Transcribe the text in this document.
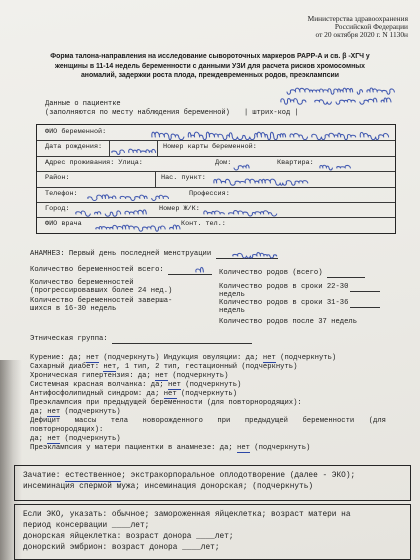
Министерства здравоохранения
Российской Федерации
от 20 октября 2020 г. N 1130н
Форма талона-направления на исследование сывороточных маркеров PAPP-A и св. β -ХГЧ у
женщины в 11-14 недель беременности с данными УЗИ для расчета рисков хромосомных
аномалий, задержки роста плода, преждевременных родов, преэклампсии
Данные о пациентке
(заполняются по месту наблюдения беременной) | штрих-код |
ФИО беременной:
Дата рождения:	Номер карты беременной:
Адрес проживания: Улица:	Дом:	Квартира:
Район:	Нас. пункт:
Телефон:	Профессия:
Город:	Номер Ж/К:
ФИО врача	Конт. тел.:
АНАМНЕЗ: Первый день последней менструации
Количество беременностей всего:
Количество беременностей
(прогрессировавших более 24 нед.)
Количество беременностей заверша-
шихся в 16-30 недель
Количество родов (всего)
Количество родов в сроки 22-30
недель
Количество родов в сроки 31-36
недель
Количество родов после 37 недель
Этническая группа:
Курение: да; нет (подчеркнуть) Индукция овуляции: да; нет (подчеркнуть)
Сахарный диабет: нет, 1 тип, 2 тип, гестационный (подчеркнуть)
Хроническая гипертензия: да; нет (подчеркнуть)
Системная красная волчанка: да; нет (подчеркнуть)
Антифосфолипидный синдром: да; нет (подчеркнуть)
Преэклампсия при предыдущей беременности (для повторнородящих):
да; нет (подчеркнуть)
Дефицит массы тела новорожденного при предыдущей беременности (для
повторнородящих):
да; нет (подчеркнуть)
Преэклампсия у матери пациентки в анамнезе: да; нет (подчеркнуть)
Зачатие: естественное; экстракорпоральное оплодотворение (далее - ЭКО);
инсеминация спермой мужа; инсеминация донорская; (подчеркнуть)
Если ЭКО, указать: обычное; замороженная яйцеклетка; возраст матери на
период консервации ____лет;
донорская яйцеклетка: возраст донора ____лет;
донорский эмбрион: возраст донора ____лет;
